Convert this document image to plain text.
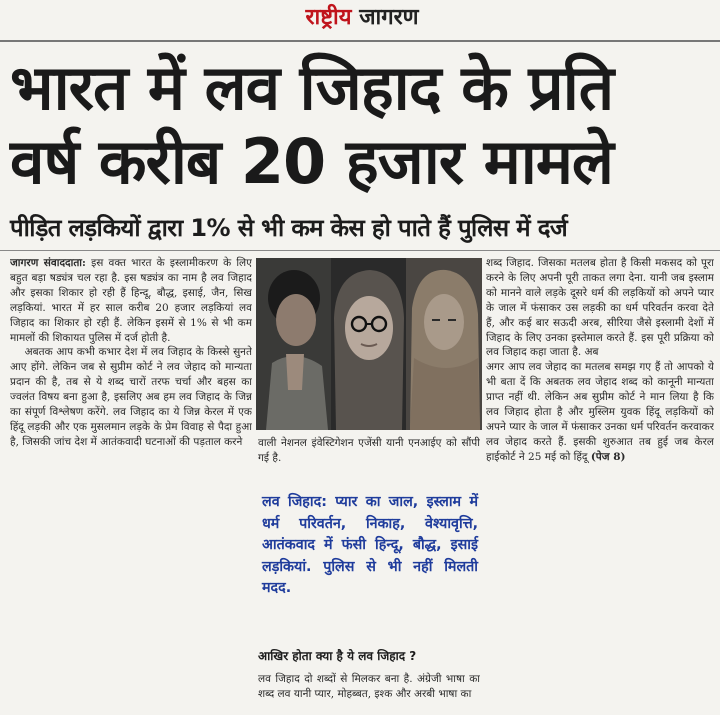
राष्ट्रीय जागरण
भारत में लव जिहाद के प्रति
वर्ष करीब 20 हजार मामले
पीड़ित लड़कियों द्वारा 1% से भी कम केस हो पाते हैं पुलिस में दर्ज

जागरण संवाददाता: इस वक्त भारत के इस्लामीकरण के लिए बहुत बड़ा षड्यंत्र चल रहा है. इस षड्यंत्र का नाम है लव जिहाद और इसका शिकार हो रही हैं हिन्दू, बौद्ध, इसाई, जैन, सिख लड़कियां. भारत में हर साल करीब 20 हजार लड़कियां लव जिहाद का शिकार हो रही हैं. लेकिन इसमें से 1% से भी कम मामलों की शिकायत पुलिस में दर्ज होती है.

अबतक आप कभी कभार देश में लव जिहाद के किस्से सुनते आए होंगे. लेकिन जब से सुप्रीम कोर्ट ने लव जेहाद को मान्यता प्रदान की है, तब से ये शब्द चारों तरफ चर्चा और बहस का ज्वलंत विषय बना हुआ है, इसलिए अब हम लव जिहाद के जिन्न का संपूर्ण विश्लेषण करेंगे. लव जिहाद का ये जिन्न केरल में एक हिंदू लड़की और एक मुसलमान लड़के के प्रेम विवाह से पैदा हुआ है, जिसकी जांच देश में आतंकवादी घटनाओं की पड़ताल करने	वाली नेशनल इंवेस्टिगेशन एजेंसी यानी एनआईए को सौंपी गई है.
लव जिहाद: प्यार का जाल, इस्लाम में धर्म परिवर्तन, निकाह, वेश्यावृत्ति, आतंकवाद में फंसी हिन्दू, बौद्ध, इसाई लड़कियां. पुलिस से भी नहीं मिलती मदद.
आखिर होता क्या है ये लव जिहाद ?
लव जिहाद दो शब्दों से मिलकर बना है. अंग्रेजी भाषा का शब्द लव यानी प्यार, मोहब्बत, इश्क और अरबी भाषा का

शब्द जिहाद. जिसका मतलब होता है किसी मकसद को पूरा करने के लिए अपनी पूरी ताकत लगा देना. यानी जब इस्लाम को मानने वाले लड़के दूसरे धर्म की लड़कियों को अपने प्यार के जाल में फंसाकर उस लड़की का धर्म परिवर्तन करवा देते हैं, और कई बार सऊदी अरब, सीरिया जैसे इस्लामी देशों में जिहाद के लिए उनका इस्तेमाल करते हैं. इस पूरी प्रक्रिया को लव जिहाद कहा जाता है. अब

अगर आप लव जेहाद का मतलब समझ गए हैं तो आपको ये भी बता दें कि अबतक लव जेहाद शब्द को कानूनी मान्यता प्राप्त नहीं थी. लेकिन अब सुप्रीम कोर्ट ने मान लिया है कि लव जिहाद होता है और मुस्लिम युवक हिंदू लड़कियों को अपने प्यार के जाल में फंसाकर उनका धर्म परिवर्तन करवाकर लव जेहाद करते हैं. इसकी शुरुआत तब हुई जब केरल हाईकोर्ट ने 25 मई को हिंदू (पेज 8)
